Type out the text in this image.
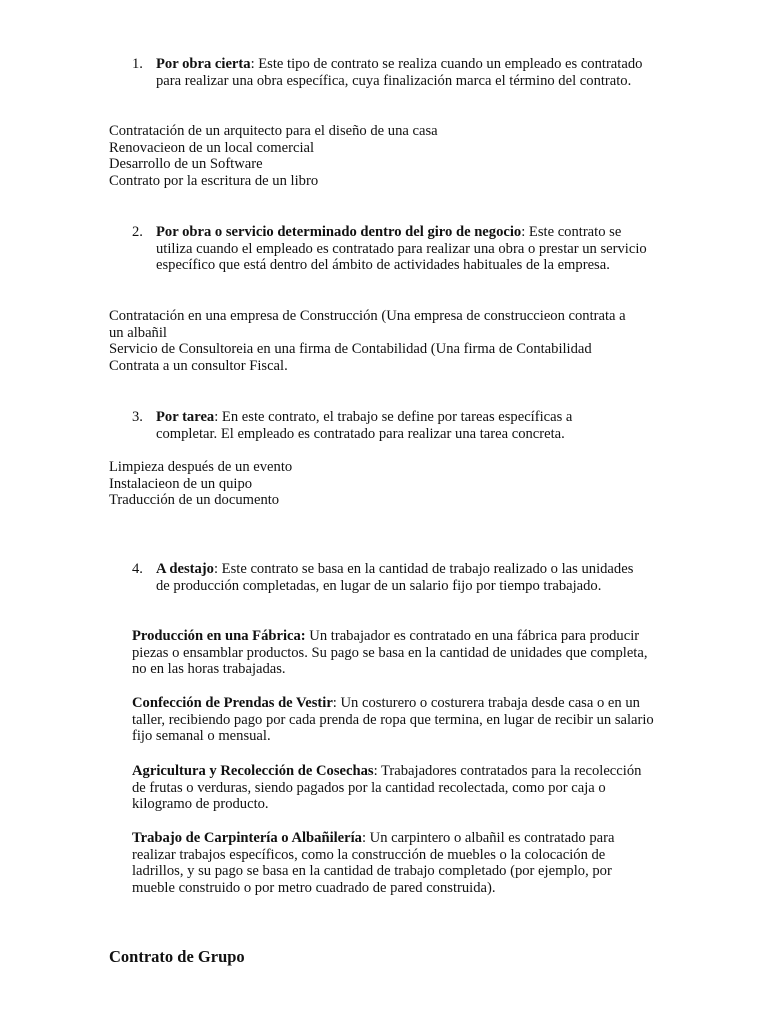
1. Por obra cierta: Este tipo de contrato se realiza cuando un empleado es contratado para realizar una obra específica, cuya finalización marca el término del contrato.
Contratación de un arquitecto para el diseño de una casa
Renovacieon de un local comercial
Desarrollo de un Software
Contrato por la escritura de un libro
2. Por obra o servicio determinado dentro del giro de negocio: Este contrato se utiliza cuando el empleado es contratado para realizar una obra o prestar un servicio específico que está dentro del ámbito de actividades habituales de la empresa.
Contratación en una empresa de Construcción (Una empresa de construccieon contrata a
un albañil
Servicio de Consultoreia en una firma de Contabilidad (Una firma de Contabilidad
Contrata a un consultor Fiscal.
3. Por tarea: En este contrato, el trabajo se define por tareas específicas a completar. El empleado es contratado para realizar una tarea concreta.
Limpieza después de un evento
Instalacieon de un quipo
Traducción de un documento
4. A destajo: Este contrato se basa en la cantidad de trabajo realizado o las unidades de producción completadas, en lugar de un salario fijo por tiempo trabajado.
Producción en una Fábrica: Un trabajador es contratado en una fábrica para producir piezas o ensamblar productos. Su pago se basa en la cantidad de unidades que completa, no en las horas trabajadas.
Confección de Prendas de Vestir: Un costurero o costurera trabaja desde casa o en un taller, recibiendo pago por cada prenda de ropa que termina, en lugar de recibir un salario fijo semanal o mensual.
Agricultura y Recolección de Cosechas: Trabajadores contratados para la recolección de frutas o verduras, siendo pagados por la cantidad recolectada, como por caja o kilogramo de producto.
Trabajo de Carpintería o Albañilería: Un carpintero o albañil es contratado para realizar trabajos específicos, como la construcción de muebles o la colocación de ladrillos, y su pago se basa en la cantidad de trabajo completado (por ejemplo, por mueble construido o por metro cuadrado de pared construida).
Contrato de Grupo
